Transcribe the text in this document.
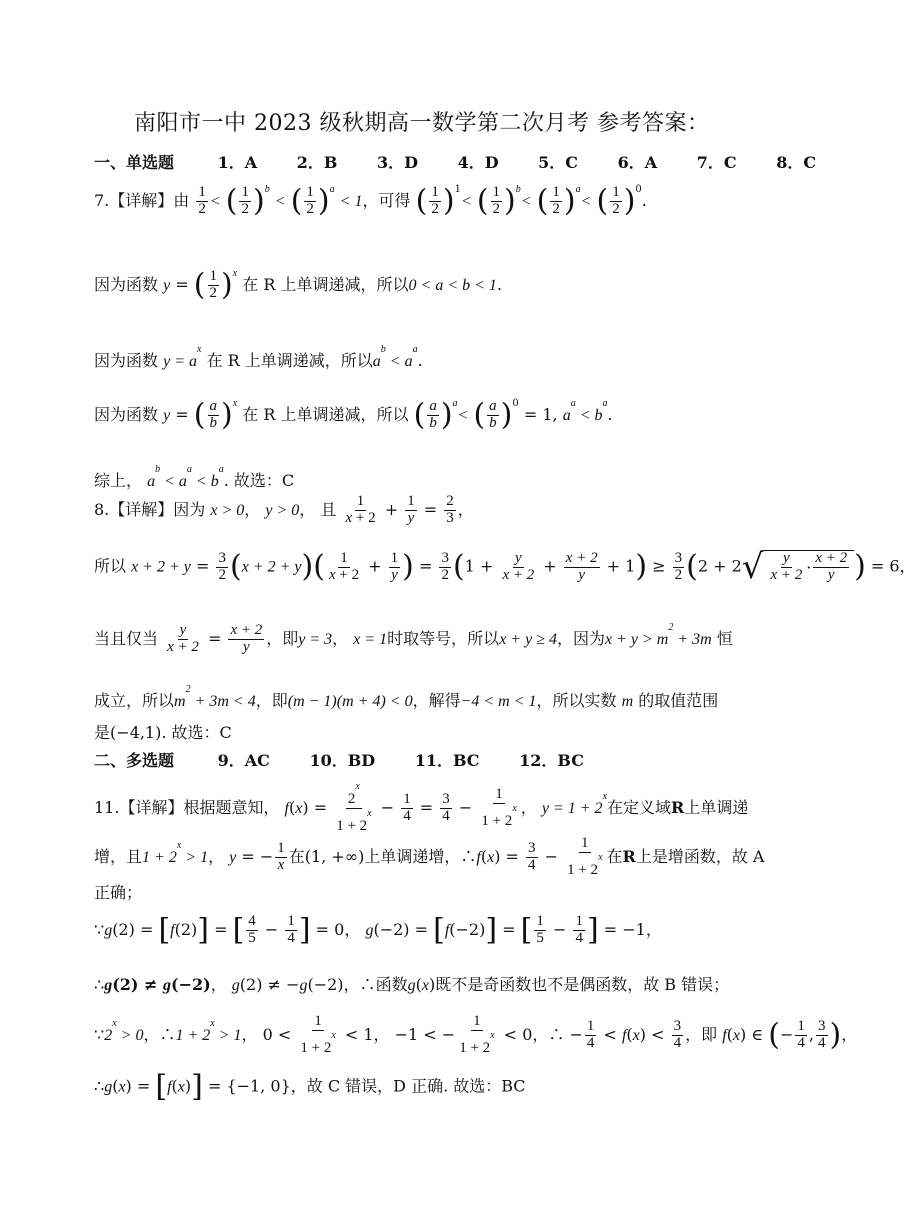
南阳市一中 2023 级秋期高一数学第二次月考 参考答案：
一、单选题	1．A 2．B 3．D 4．D 5．C 6．A 7．C 8．C
7.【详解】由 $\frac{1}{2}$ < ( $\frac{1}{2} )^b$ < ( $\frac{1}{2} )^a < 1$，可得 ( $\frac{1}{2} )^1<$ ( $\frac{1}{2} )^b<$ ( $\frac{1}{2} )^a<$ ( $\frac{1}{2} )^0$.
因为函数 y = ( $\frac{1}{2} )^x$ 在 R 上单调递减，所以0 < a < b < 1.
因为函数 $y = a^x$ 在 R 上单调递减，所以$a^b < a^a$.
因为函数 y = ( $\frac{a}{b} )^x$ 在 R 上单调递减，所以 ( $\frac{a}{b} )^a<$ ( $\frac{a}{b} )^0 = 1$, $a^a < b^a$.
综上， $a^b < a^a < b^a$. 故选：C
8.【详解】因为 x > 0， y > 0， 且 $\frac{1}{x + 2} + \frac{1}{y} = \frac{2}{3}$ ，
所以 $x + 2 + y = \frac{3}{2} (x + 2 + y)( \frac{1}{x + 2} + \frac{1}{y}$ ) = $\frac{3}{2} (1 + \frac{y}{x + 2} + \frac{x + 2}{y} + 1) \ge \frac{3}{2} (2 + 2$ √ $\frac{y}{x + 2} \cdot \frac{x + 2}{y}$ ) = 6，
当且仅当 $\frac{y}{x + 2} = \frac{x + 2}{y}$ ，即y = 3， x = 1时取等号，所以x + y ≥ 4，因为$x + y > m^2 + 3m$ 恒
成立，所以$m^2 + 3m < 4$，即(m − 1)(m + 4) < 0，解得−4 < m < 1，所以实数 m 的取值范围
是(−4,1). 故选：C
二、多选题	9．AC 10．BD 11．BC 12．BC
11.【详解】根据题意知， $f(x) = \frac{2^x}{1 + 2^x} - \frac{1}{4} = \frac{3}{4} - \frac{1}{1 + 2^x}$ ， $y = 1 + 2^x$在定义域R上单调递
增，且$1 + 2^x > 1$， y = − $\frac{1}{x}$ 在(1, +∞)上单调递增，∴f(x) = $\frac{3}{4} - \frac{1}{1 + 2^x}$ 在R上是增函数，故 A
正确；
∵g(2) = [f(2)] = [ $\frac{4}{5} - \frac{1}{4}$ ] = 0， g(−2) = [f(−2)] = [ $\frac{1}{5} - \frac{1}{4}$ ] = −1，
∴g(2) ≠ g(−2)， g(2) ≠ −g(−2)，∴函数g(x)既不是奇函数也不是偶函数，故 B 错误；
$\because 2^x > 0$，∴1 + $2^x > 1$， $0 < \frac{1}{1 + 2^x} < 1$， −1 < − $\frac{1}{1 + 2^x} < 0$，∴ − $\frac{1}{4} < f(x) < \frac{3}{4}$ ，即 f(x) ∈ (− $\frac{1}{4}$ , $\frac{3}{4}$ )，
∴g(x) = [f(x)] = {−1, 0}，故 C 错误，D 正确. 故选：BC
